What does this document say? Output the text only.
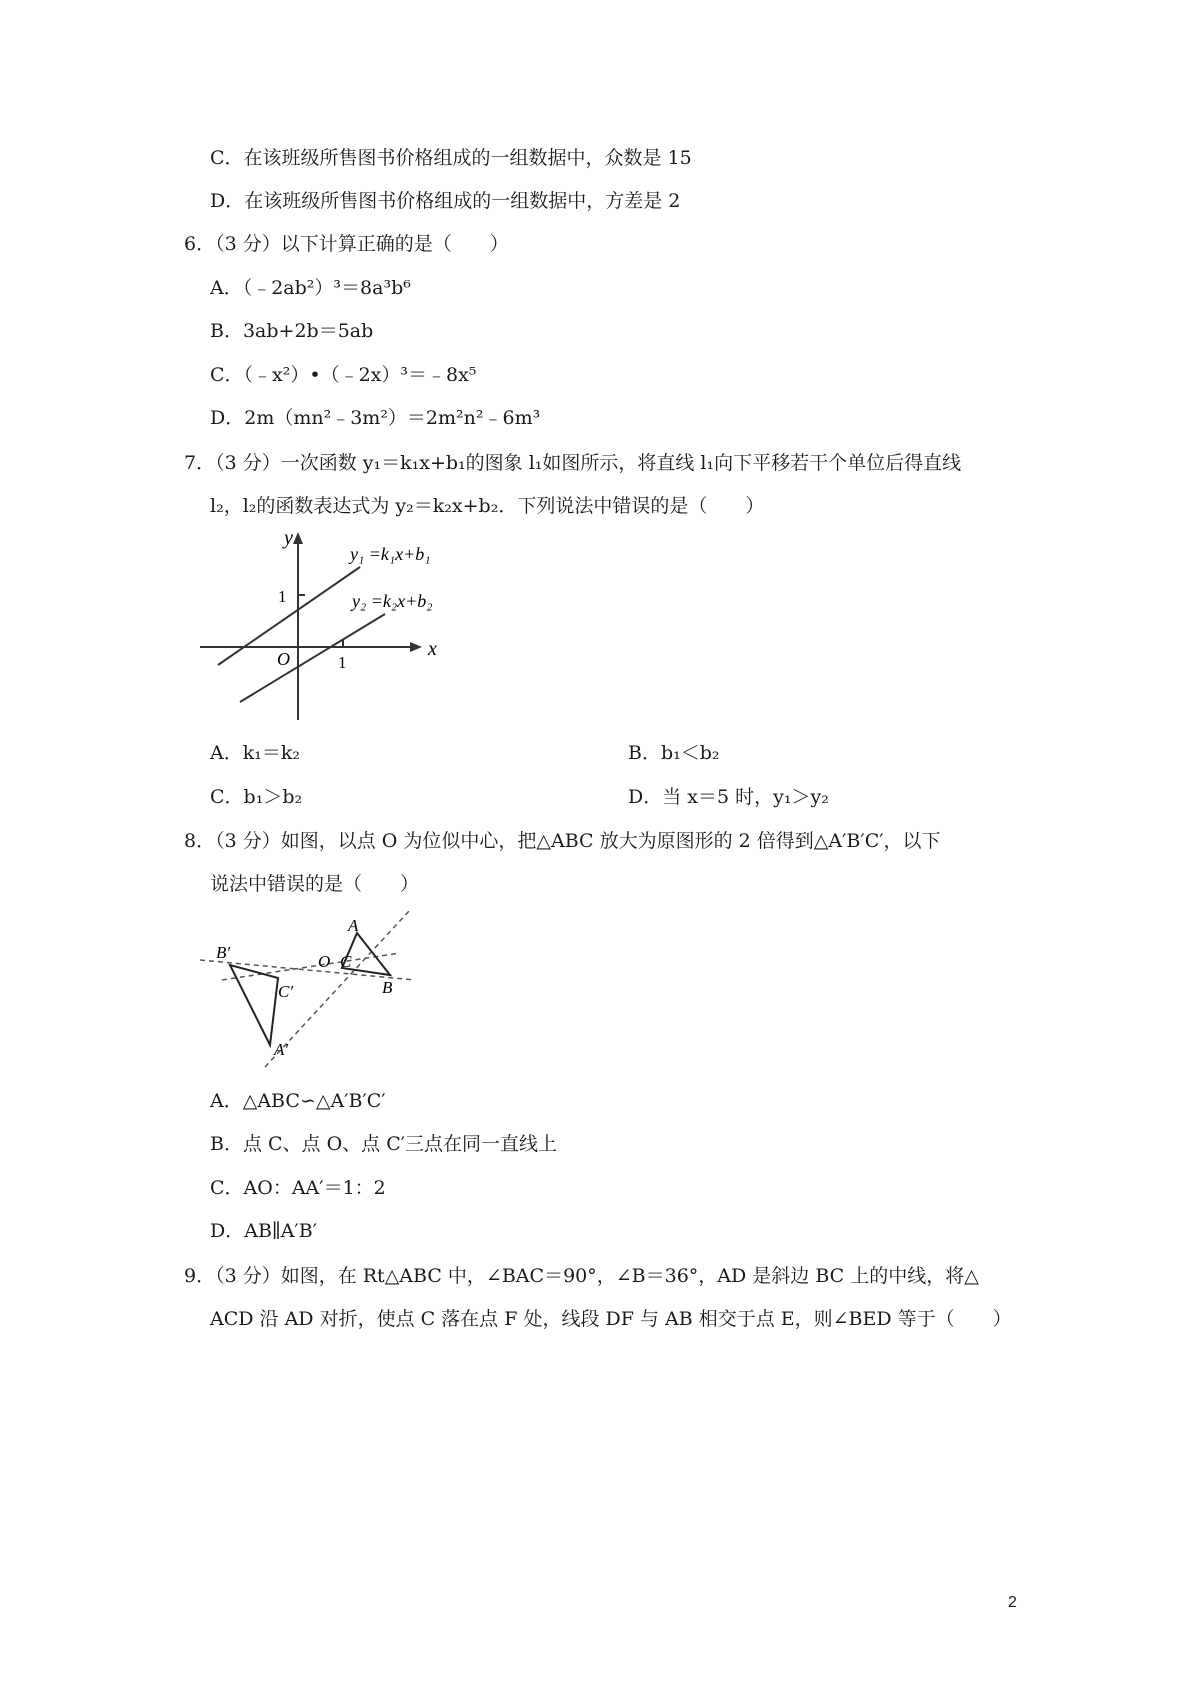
C．在该班级所售图书价格组成的一组数据中，众数是 15
D．在该班级所售图书价格组成的一组数据中，方差是 2
6．（3 分）以下计算正确的是（　　）
A．（﹣2ab²）³＝8a³b⁶
B．3ab+2b＝5ab
C．（﹣x²）•（﹣2x）³＝﹣8x⁵
D．2m（mn²﹣3m²）＝2m²n²﹣6m³
7．（3 分）一次函数 y₁＝k₁x+b₁的图象 l₁如图所示，将直线 l₁向下平移若干个单位后得直线
l₂，l₂的函数表达式为 y₂＝k₂x+b₂．下列说法中错误的是（　　）
y
x
O
1
1
y₁ =k₁x+b₁
y₂ =k₂x+b₂
A．k₁＝k₂	B．b₁＜b₂
C．b₁＞b₂	D．当 x＝5 时，y₁＞y₂
8．（3 分）如图，以点 O 为位似中心，把△ABC 放大为原图形的 2 倍得到△A′B′C′，以下
说法中错误的是（　　）
A
B
C
O
A′
B′
C′
A．△ABC∽△A′B′C′
B．点 C、点 O、点 C′三点在同一直线上
C．AO：AA′＝1：2
D．AB∥A′B′
9．（3 分）如图，在 Rt△ABC 中，∠BAC＝90°，∠B＝36°，AD 是斜边 BC 上的中线，将△
ACD 沿 AD 对折，使点 C 落在点 F 处，线段 DF 与 AB 相交于点 E，则∠BED 等于（　　）
2
